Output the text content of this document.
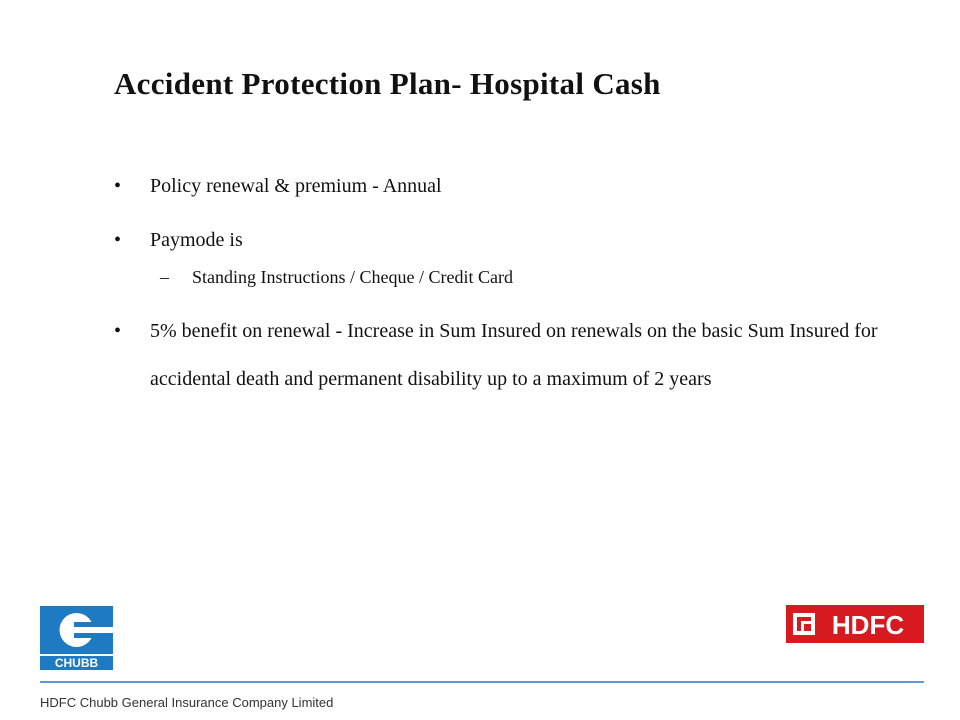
Accident Protection Plan- Hospital Cash
• Policy renewal & premium - Annual
• Paymode is
– Standing Instructions / Cheque / Credit Card
• 5% benefit on renewal - Increase in Sum Insured on renewals on the basic Sum Insured for accidental death and permanent disability up to a maximum of 2 years
CHUBB
HDFC

HDFC Chubb General Insurance Company Limited
